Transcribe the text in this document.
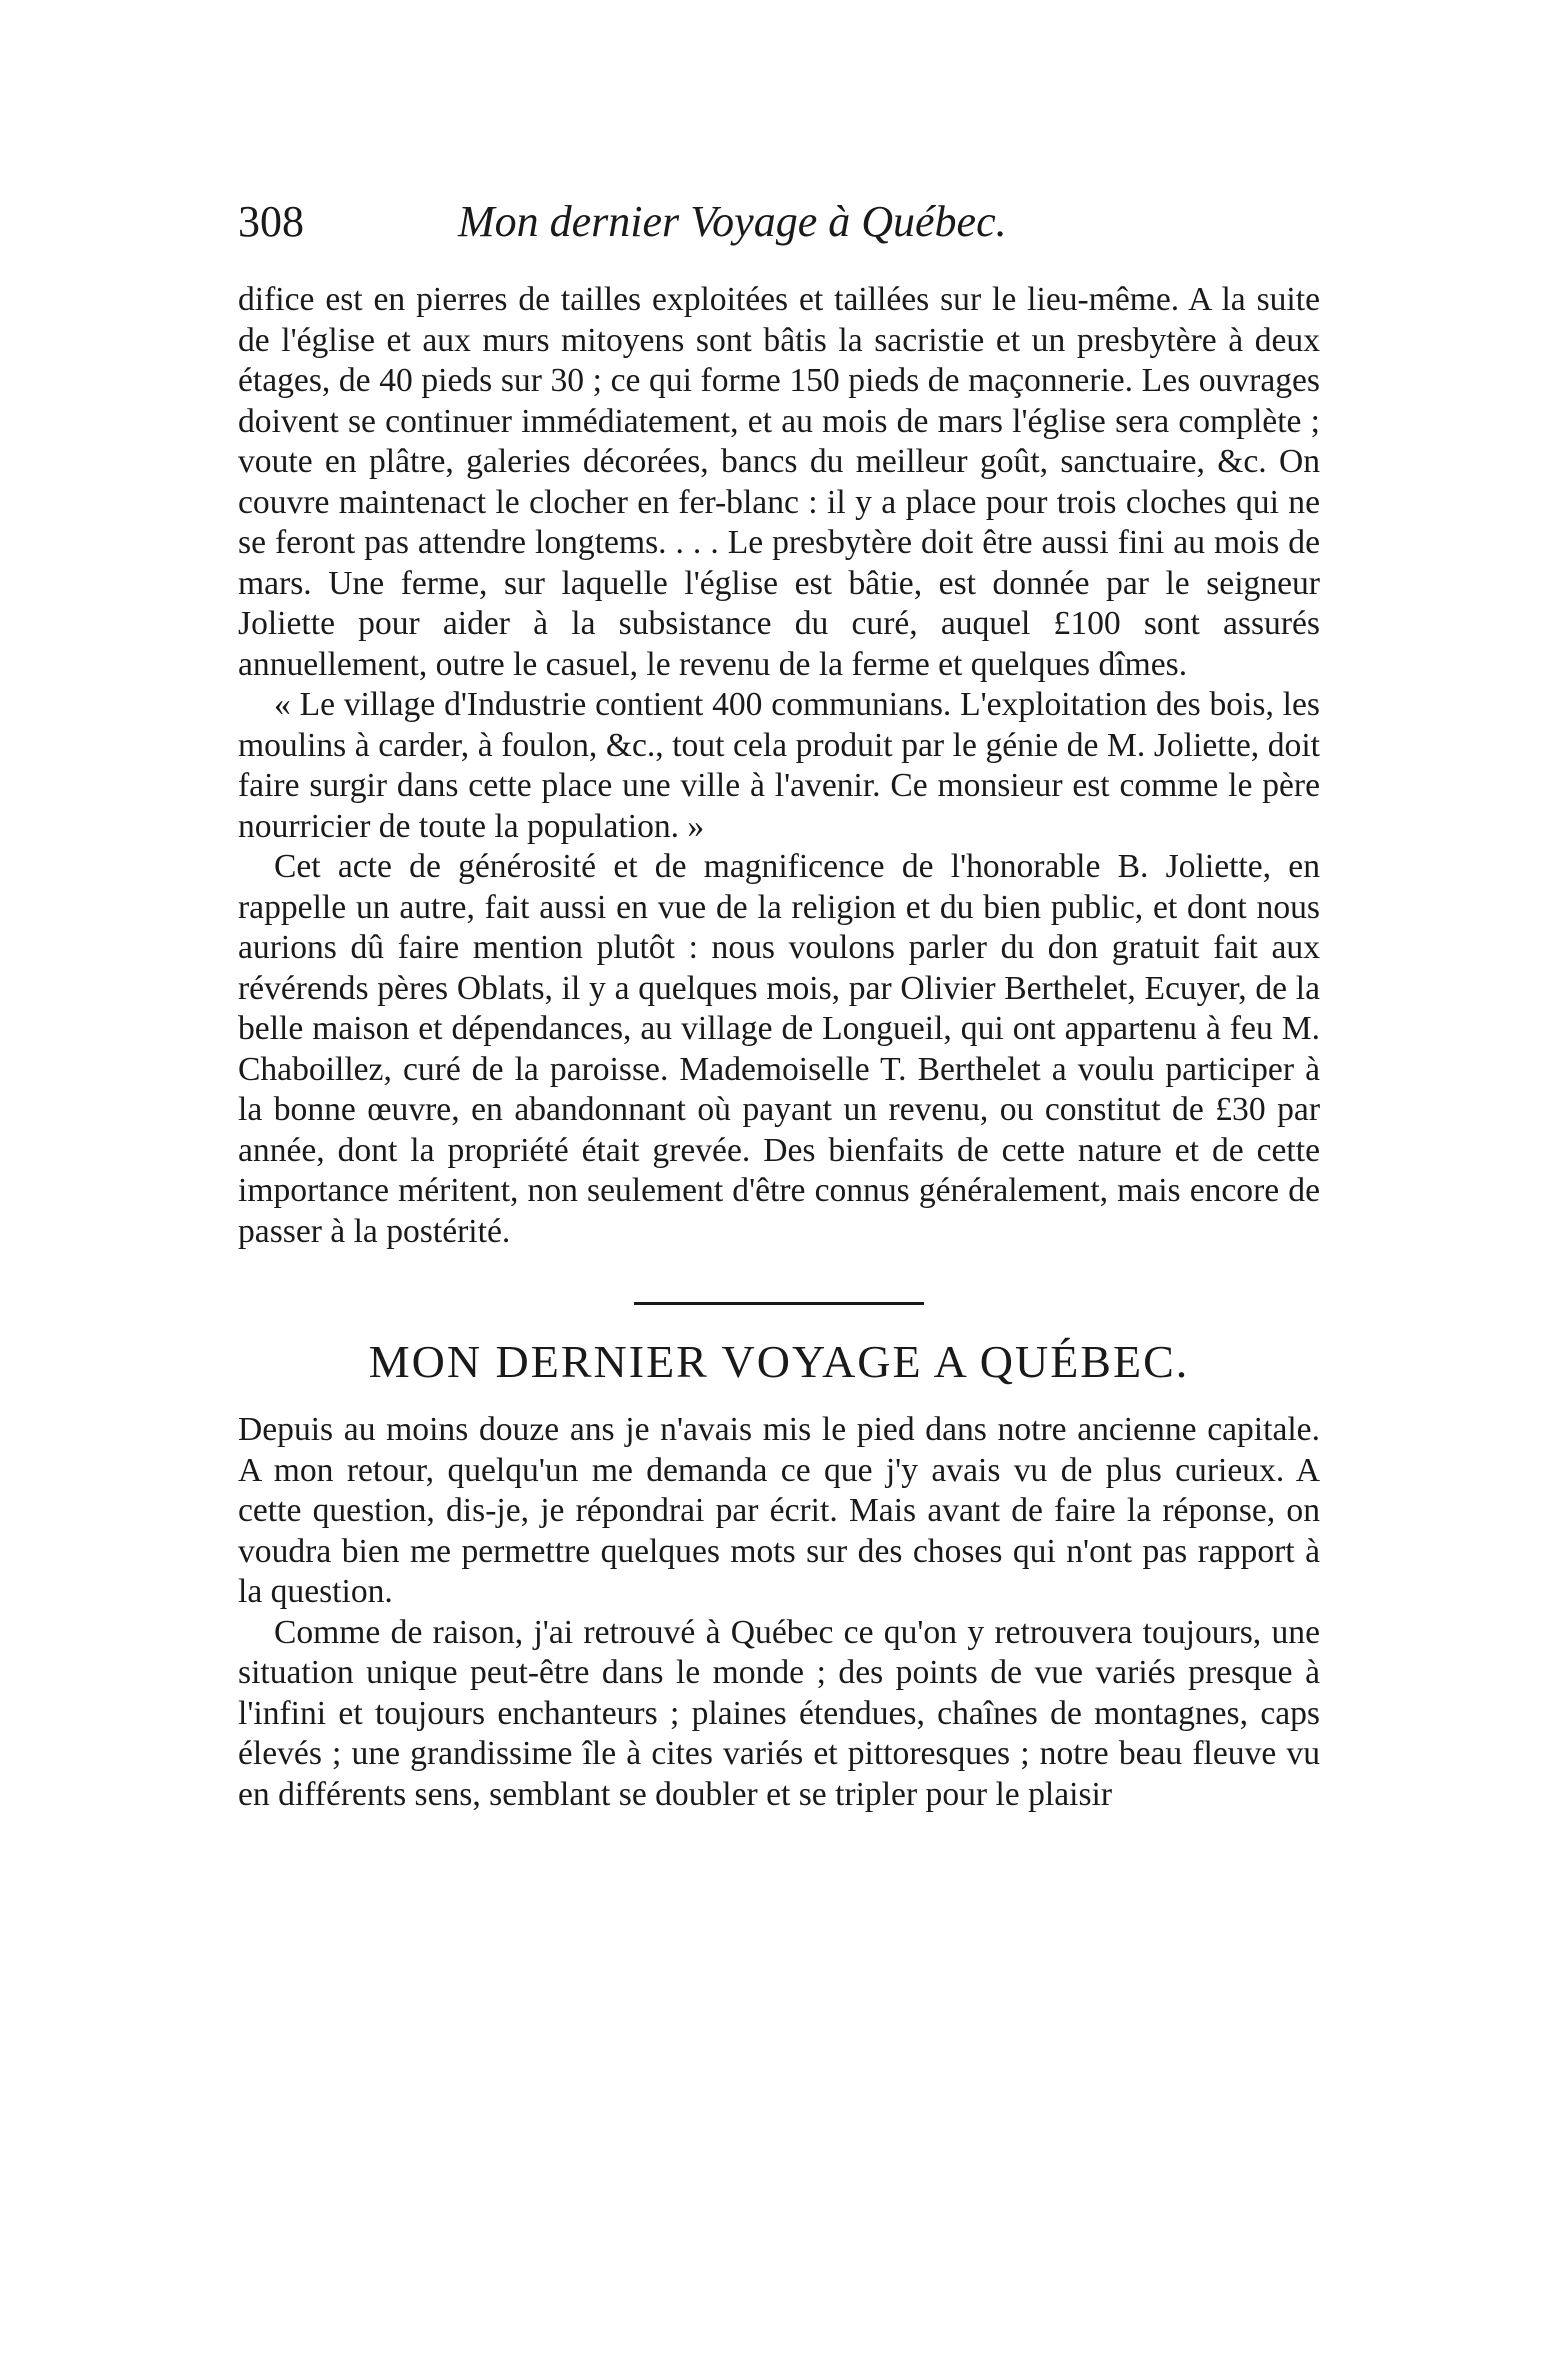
308	Mon dernier Voyage à Québec.

difice est en pierres de tailles exploitées et taillées sur le lieu-même. A la suite de l'église et aux murs mitoyens sont bâtis la sacristie et un presbytère à deux étages, de 40 pieds sur 30 ; ce qui forme 150 pieds de maçonnerie. Les ouvrages doivent se continuer immédiatement, et au mois de mars l'église sera complète ; voute en plâtre, galeries décorées, bancs du meilleur goût, sanctuaire, &c. On couvre maintenact le clocher en fer-blanc : il y a place pour trois cloches qui ne se feront pas attendre longtems. . . . Le presbytère doit être aussi fini au mois de mars. Une ferme, sur laquelle l'église est bâtie, est donnée par le seigneur Joliette pour aider à la subsistance du curé, auquel £100 sont assurés annuellement, outre le casuel, le revenu de la ferme et quelques dîmes.

« Le village d'Industrie contient 400 communians. L'exploitation des bois, les moulins à carder, à foulon, &c., tout cela produit par le génie de M. Joliette, doit faire surgir dans cette place une ville à l'avenir. Ce monsieur est comme le père nourricier de toute la population. »

Cet acte de générosité et de magnificence de l'honorable B. Joliette, en rappelle un autre, fait aussi en vue de la religion et du bien public, et dont nous aurions dû faire mention plutôt : nous voulons parler du don gratuit fait aux révérends pères Oblats, il y a quelques mois, par Olivier Berthelet, Ecuyer, de la belle maison et dépendances, au village de Longueil, qui ont appartenu à feu M. Chaboillez, curé de la paroisse. Mademoiselle T. Berthelet a voulu participer à la bonne œuvre, en abandonnant où payant un revenu, ou constitut de £30 par année, dont la propriété était grevée. Des bienfaits de cette nature et de cette importance méritent, non seulement d'être connus généralement, mais encore de passer à la postérité.

MON DERNIER VOYAGE A QUÉBEC.

Depuis au moins douze ans je n'avais mis le pied dans notre ancienne capitale. A mon retour, quelqu'un me demanda ce que j'y avais vu de plus curieux. A cette question, dis-je, je répondrai par écrit. Mais avant de faire la réponse, on voudra bien me permettre quelques mots sur des choses qui n'ont pas rapport à la question.

Comme de raison, j'ai retrouvé à Québec ce qu'on y retrouvera toujours, une situation unique peut-être dans le monde ; des points de vue variés presque à l'infini et toujours enchanteurs ; plaines étendues, chaînes de montagnes, caps élevés ; une grandissime île à cites variés et pittoresques ; notre beau fleuve vu en différents sens, semblant se doubler et se tripler pour le plaisir
